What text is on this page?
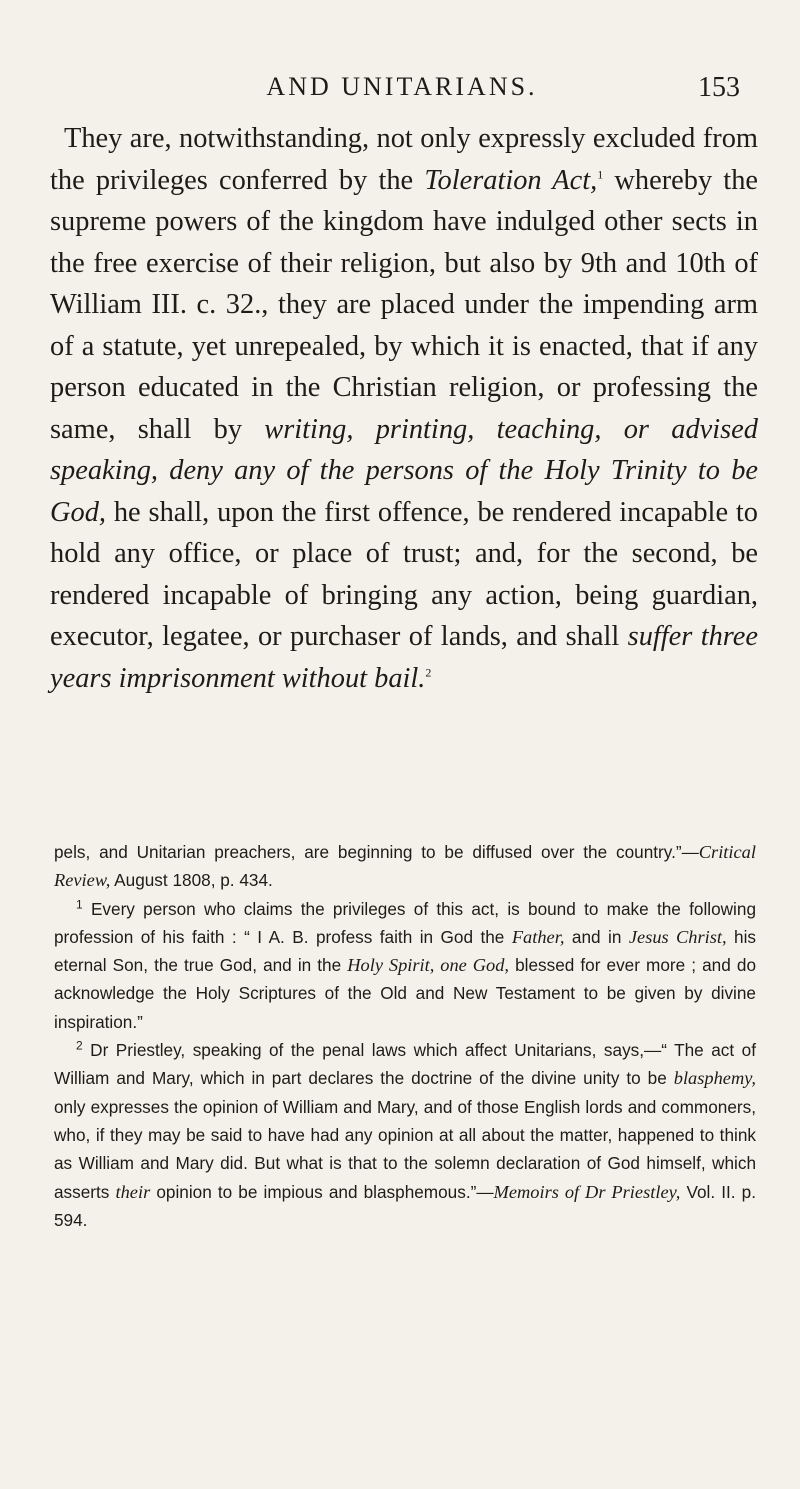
AND UNITARIANS.	153

They are, notwithstanding, not only expressly excluded from the privileges conferred by the Toleration Act,$^1$ whereby the supreme powers of the kingdom have indulged other sects in the free exercise of their religion, but also by 9th and 10th of William III. c. 32., they are placed under the impending arm of a statute, yet unrepealed, by which it is enacted, that if any person educated in the Christian religion, or professing the same, shall by writing, printing, teaching, or advised speaking, deny any of the persons of the Holy Trinity to be God, he shall, upon the first offence, be rendered incapable to hold any office, or place of trust; and, for the second, be rendered incapable of bringing any action, being guardian, executor, legatee, or purchaser of lands, and shall suffer three years imprisonment without bail.$^2$

pels, and Unitarian preachers, are beginning to be diffused over the country.”—Critical Review, August 1808, p. 434.

$^1$ Every person who claims the privileges of this act, is bound to make the following profession of his faith : “ I A. B. profess faith in God the Father, and in Jesus Christ, his eternal Son, the true God, and in the Holy Spirit, one God, blessed for ever more ; and do acknowledge the Holy Scriptures of the Old and New Testament to be given by divine inspiration.”

$^2$ Dr Priestley, speaking of the penal laws which affect Unitarians, says,—“ The act of William and Mary, which in part declares the doctrine of the divine unity to be blasphemy, only expresses the opinion of William and Mary, and of those English lords and commoners, who, if they may be said to have had any opinion at all about the matter, happened to think as William and Mary did. But what is that to the solemn declaration of God himself, which asserts their opinion to be impious and blasphemous.”—Memoirs of Dr Priestley, Vol. II. p. 594.
